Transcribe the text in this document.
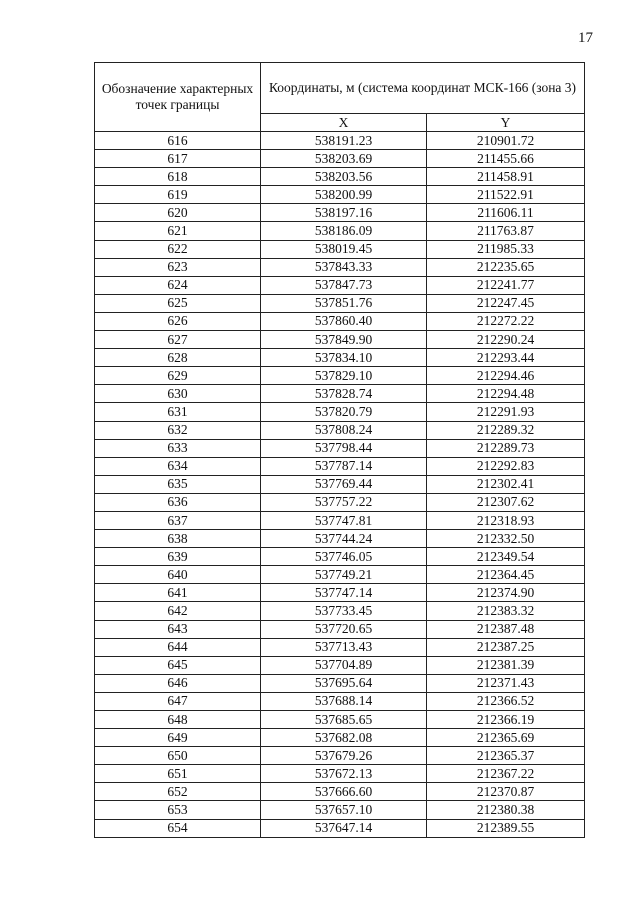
17
Обозначение характерных точек границы	Координаты, м (система координат МСК-166 (зона 3)	
	X	Y
616	538191.23	210901.72
617	538203.69	211455.66
618	538203.56	211458.91
619	538200.99	211522.91
620	538197.16	211606.11
621	538186.09	211763.87
622	538019.45	211985.33
623	537843.33	212235.65
624	537847.73	212241.77
625	537851.76	212247.45
626	537860.40	212272.22
627	537849.90	212290.24
628	537834.10	212293.44
629	537829.10	212294.46
630	537828.74	212294.48
631	537820.79	212291.93
632	537808.24	212289.32
633	537798.44	212289.73
634	537787.14	212292.83
635	537769.44	212302.41
636	537757.22	212307.62
637	537747.81	212318.93
638	537744.24	212332.50
639	537746.05	212349.54
640	537749.21	212364.45
641	537747.14	212374.90
642	537733.45	212383.32
643	537720.65	212387.48
644	537713.43	212387.25
645	537704.89	212381.39
646	537695.64	212371.43
647	537688.14	212366.52
648	537685.65	212366.19
649	537682.08	212365.69
650	537679.26	212365.37
651	537672.13	212367.22
652	537666.60	212370.87
653	537657.10	212380.38
654	537647.14	212389.55
